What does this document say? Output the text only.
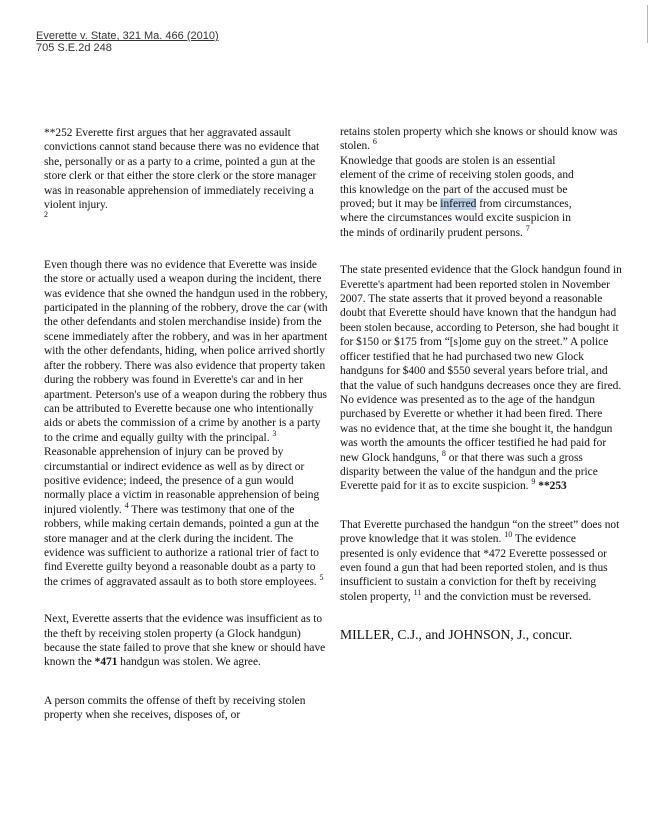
Everette v. State, 321 Ma. 466 (2010)
705 S.E.2d 248

**252 Everette first argues that her aggravated assault convictions cannot stand because there was no evidence that she, personally or as a party to a crime, pointed a gun at the store clerk or that either the store clerk or the store manager was in reasonable apprehension of immediately receiving a violent injury.
$^2$

Even though there was no evidence that Everette was inside the store or actually used a weapon during the incident, there was evidence that she owned the handgun used in the robbery, participated in the planning of the robbery, drove the car (with the other defendants and stolen merchandise inside) from the scene immediately after the robbery, and was in her apartment with the other defendants, hiding, when police arrived shortly after the robbery. There was also evidence that property taken during the robbery was found in Everette's car and in her apartment. Peterson's use of a weapon during the robbery thus can be attributed to Everette because one who intentionally aids or abets the commission of a crime by another is a party to the crime and equally guilty with the principal. $^3$ Reasonable apprehension of injury can be proved by circumstantial or indirect evidence as well as by direct or positive evidence; indeed, the presence of a gun would normally place a victim in reasonable apprehension of being injured violently. $^4$ There was testimony that one of the robbers, while making certain demands, pointed a gun at the store manager and at the clerk during the incident. The evidence was sufficient to authorize a rational trier of fact to find Everette guilty beyond a reasonable doubt as a party to the crimes of aggravated assault as to both store employees. $^5$

Next, Everette asserts that the evidence was insufficient as to the theft by receiving stolen property (a Glock handgun) because the state failed to prove that she knew or should have known the *471 handgun was stolen. We agree.

A person commits the offense of theft by receiving stolen property when she receives, disposes of, or

retains stolen property which she knows or should know was stolen. $^6$

Knowledge that goods are stolen is an essential element of the crime of receiving stolen goods, and this knowledge on the part of the accused must be proved; but it may be inferred from circumstances, where the circumstances would excite suspicion in the minds of ordinarily prudent persons. $^7$

The state presented evidence that the Glock handgun found in Everette's apartment had been reported stolen in November 2007. The state asserts that it proved beyond a reasonable doubt that Everette should have known that the handgun had been stolen because, according to Peterson, she had bought it for $150 or $175 from “[s]ome guy on the street.” A police officer testified that he had purchased two new Glock handguns for $400 and $550 several years before trial, and that the value of such handguns decreases once they are fired. No evidence was presented as to the age of the handgun purchased by Everette or whether it had been fired. There was no evidence that, at the time she bought it, the handgun was worth the amounts the officer testified he had paid for new Glock handguns, $^8$ or that there was such a gross disparity between the value of the handgun and the price Everette paid for it as to excite suspicion. $^9$ **253

That Everette purchased the handgun “on the street” does not prove knowledge that it was stolen. $^{10}$ The evidence presented is only evidence that *472 Everette possessed or even found a gun that had been reported stolen, and is thus insufficient to sustain a conviction for theft by receiving stolen property, $^{11}$ and the conviction must be reversed.

MILLER, C.J., and JOHNSON, J., concur.
